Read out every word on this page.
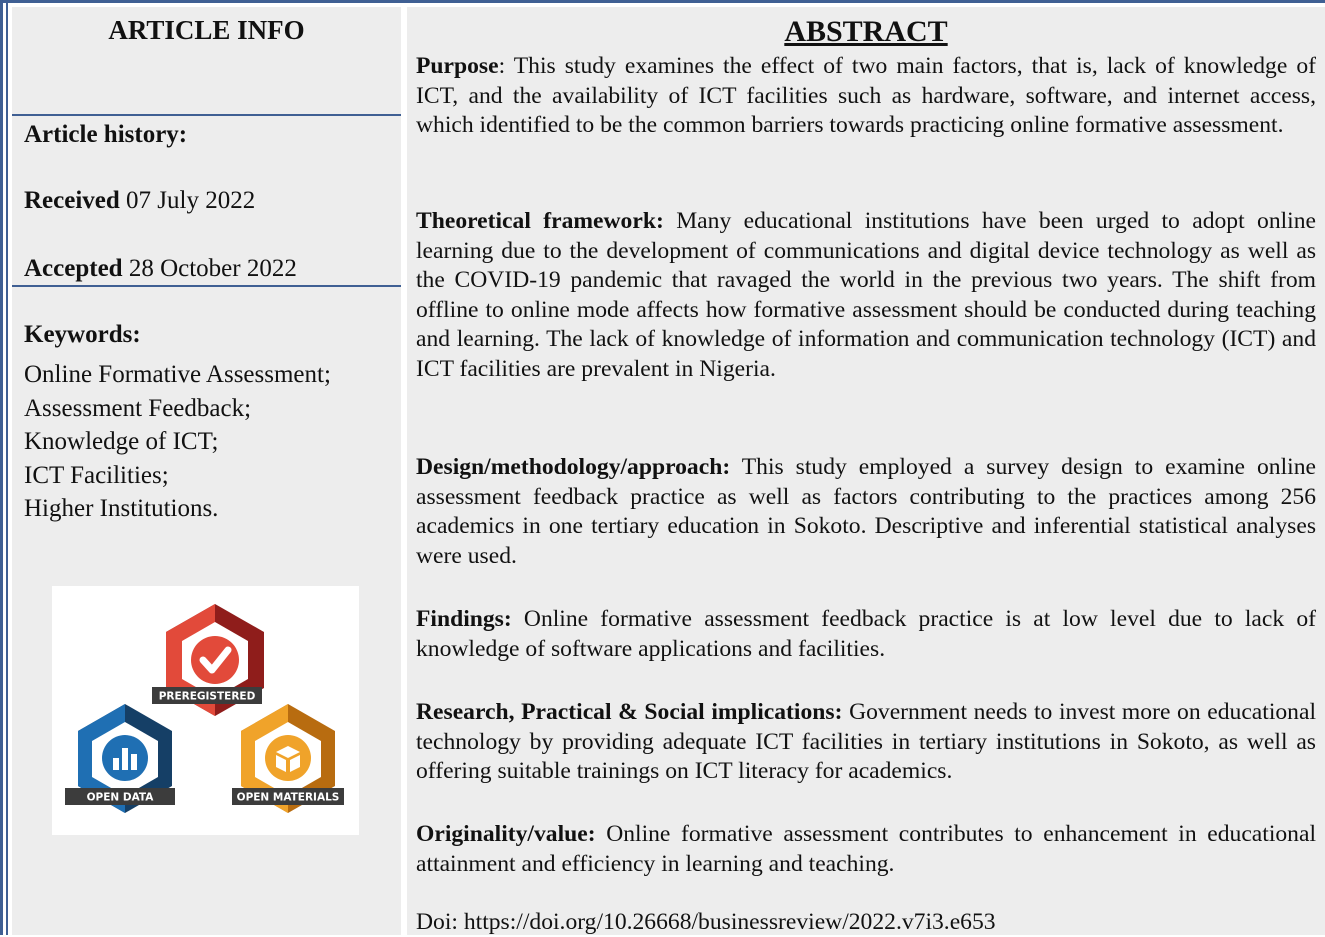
ARTICLE INFO
Article history:
Received 07 July 2022
Accepted 28 October 2022
Keywords:
Online Formative Assessment;
Assessment Feedback;
Knowledge of ICT;
ICT Facilities;
Higher Institutions.
PREREGISTERED
OPEN DATA	OPEN MATERIALS
ABSTRACT

Purpose: This study examines the effect of two main factors, that is, lack of knowledge of ICT, and the availability of ICT facilities such as hardware, software, and internet access, which identified to be the common barriers towards practicing online formative assessment.

Theoretical framework: Many educational institutions have been urged to adopt online learning due to the development of communications and digital device technology as well as the COVID-19 pandemic that ravaged the world in the previous two years. The shift from offline to online mode affects how formative assessment should be conducted during teaching and learning. The lack of knowledge of information and communication technology (ICT) and ICT facilities are prevalent in Nigeria.

Design/methodology/approach: This study employed a survey design to examine online assessment feedback practice as well as factors contributing to the practices among 256 academics in one tertiary education in Sokoto. Descriptive and inferential statistical analyses were used.

Findings: Online formative assessment feedback practice is at low level due to lack of knowledge of software applications and facilities.

Research, Practical & Social implications: Government needs to invest more on educational technology by providing adequate ICT facilities in tertiary institutions in Sokoto, as well as offering suitable trainings on ICT literacy for academics.

Originality/value: Online formative assessment contributes to enhancement in educational attainment and efficiency in learning and teaching.

Doi: https://doi.org/10.26668/businessreview/2022.v7i3.e653
